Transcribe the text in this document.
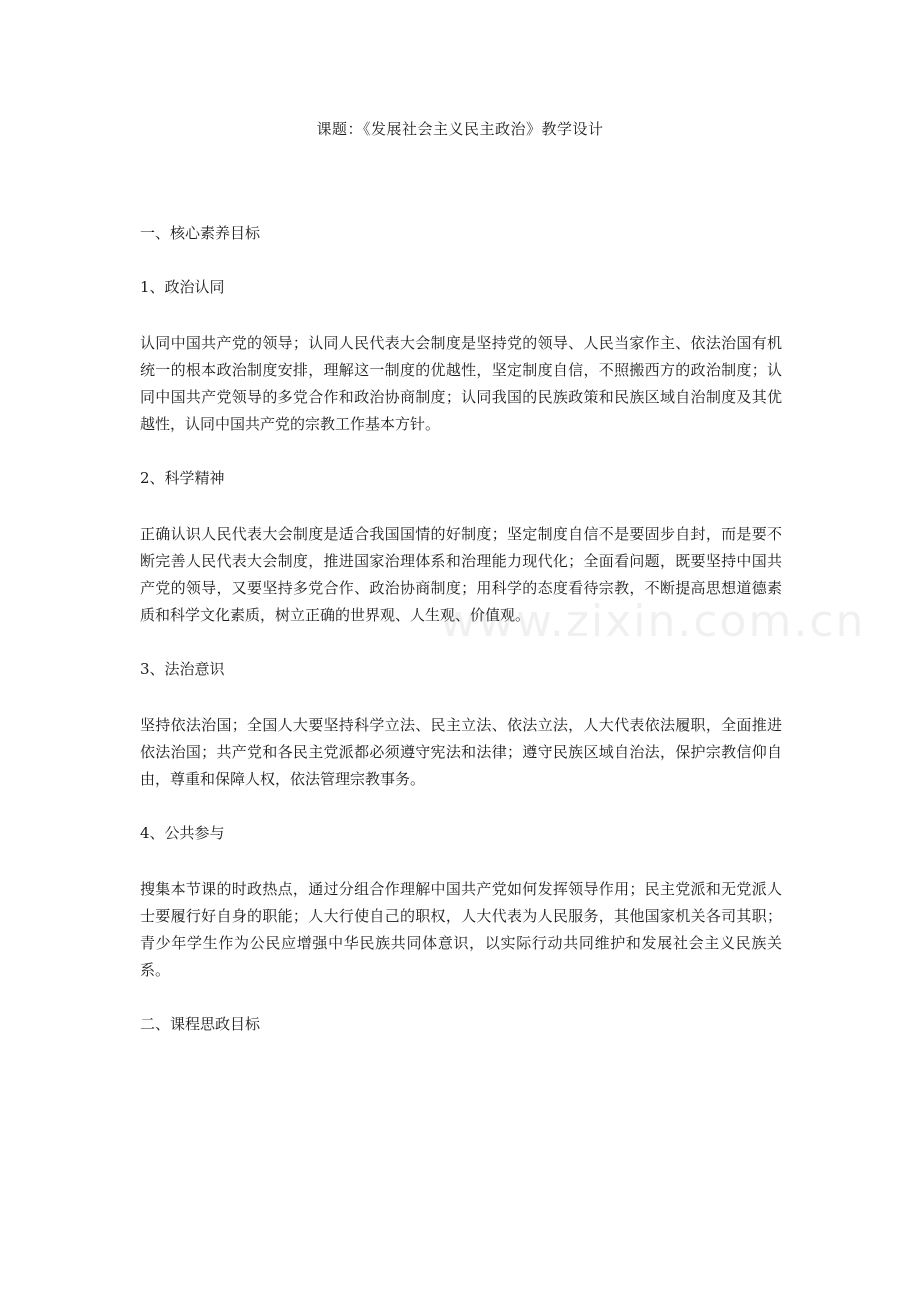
课题：《发展社会主义民主政治》教学设计
www.zixin.com.cn

一、核心素养目标

1、政治认同

认同中国共产党的领导；认同人民代表大会制度是坚持党的领导、人民当家作主、依法治国有机统一的根本政治制度安排，理解这一制度的优越性，坚定制度自信，不照搬西方的政治制度；认同中国共产党领导的多党合作和政治协商制度；认同我国的民族政策和民族区域自治制度及其优越性，认同中国共产党的宗教工作基本方针。

2、科学精神

正确认识人民代表大会制度是适合我国国情的好制度；坚定制度自信不是要固步自封，而是要不断完善人民代表大会制度，推进国家治理体系和治理能力现代化；全面看问题，既要坚持中国共产党的领导，又要坚持多党合作、政治协商制度；用科学的态度看待宗教，不断提高思想道德素质和科学文化素质，树立正确的世界观、人生观、价值观。

3、法治意识

坚持依法治国；全国人大要坚持科学立法、民主立法、依法立法，人大代表依法履职，全面推进依法治国；共产党和各民主党派都必须遵守宪法和法律；遵守民族区域自治法，保护宗教信仰自由，尊重和保障人权，依法管理宗教事务。

4、公共参与

搜集本节课的时政热点，通过分组合作理解中国共产党如何发挥领导作用；民主党派和无党派人士要履行好自身的职能；人大行使自己的职权，人大代表为人民服务，其他国家机关各司其职；青少年学生作为公民应增强中华民族共同体意识，以实际行动共同维护和发展社会主义民族关系。

二、课程思政目标
